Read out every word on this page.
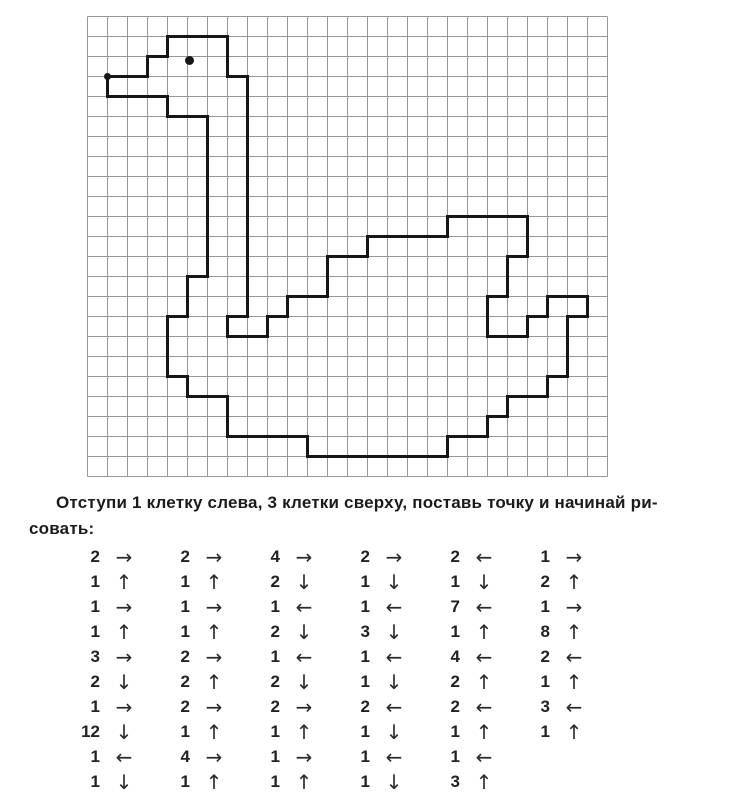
Отступи 1 клетку слева, 3 клетки сверху, поставь точку и начинай ри-
совать:
2 →
1 ↑
1 →
1 ↑
3 →
2 ↓
1 →
12 ↓
1 ←
1 ↓
2 →
1 ↑
1 →
1 ↑
2 →
2 ↑
2 →
1 ↑
4 →
1 ↑
4 →
2 ↓
1 ←
2 ↓
1 ←
2 ↓
2 →
1 ↑
1 →
1 ↑
2 →
1 ↓
1 ←
3 ↓
1 ←
1 ↓
2 ←
1 ↓
1 ←
1 ↓
2 ←
1 ↓
7 ←
1 ↑
4 ←
2 ↑
2 ←
1 ↑
1 ←
3 ↑
1 →
2 ↑
1 →
8 ↑
2 ←
1 ↑
3 ←
1 ↑
